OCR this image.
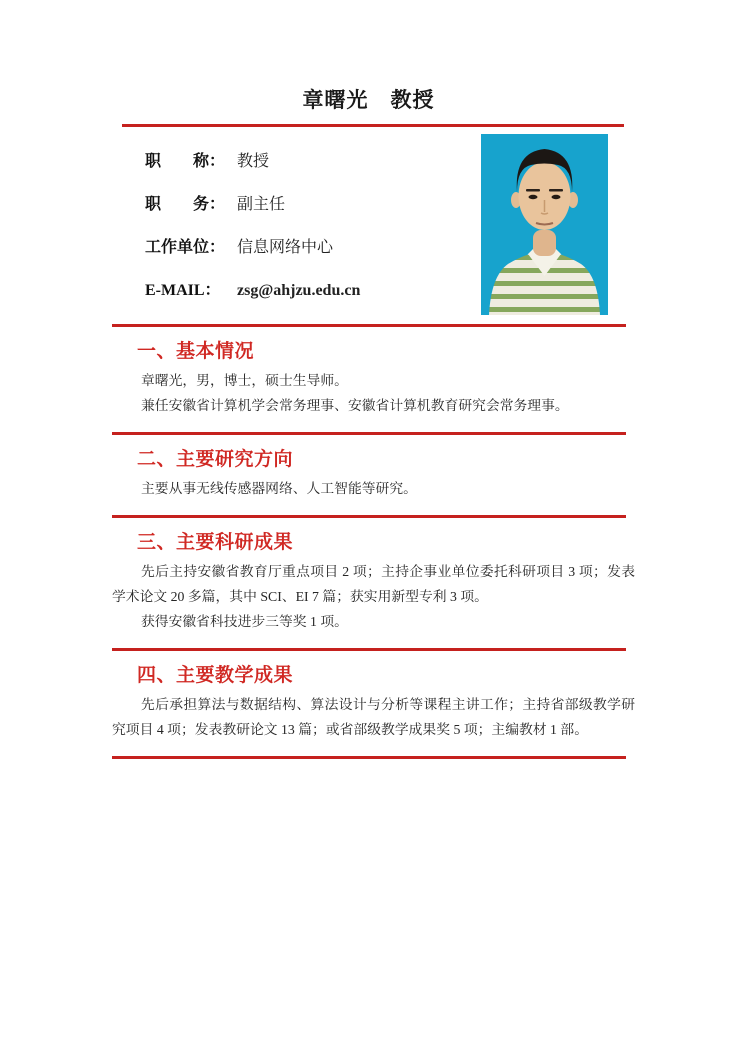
章曙光　教授
职　　称： 教授
职　　务： 副主任
工作单位： 信息网络中心
E-MAIL： zsg@ahjzu.edu.cn
一、基本情况

章曙光，男，博士，硕士生导师。

兼任安徽省计算机学会常务理事、安徽省计算机教育研究会常务理事。

二、主要研究方向

主要从事无线传感器网络、人工智能等研究。

三、主要科研成果

先后主持安徽省教育厅重点项目 2 项；主持企事业单位委托科研项目 3 项；发表学术论文 20 多篇，其中 SCI、EI 7 篇；获实用新型专利 3 项。

获得安徽省科技进步三等奖 1 项。

四、主要教学成果

先后承担算法与数据结构、算法设计与分析等课程主讲工作；主持省部级教学研究项目 4 项；发表教研论文 13 篇；或省部级教学成果奖 5 项；主编教材 1 部。
